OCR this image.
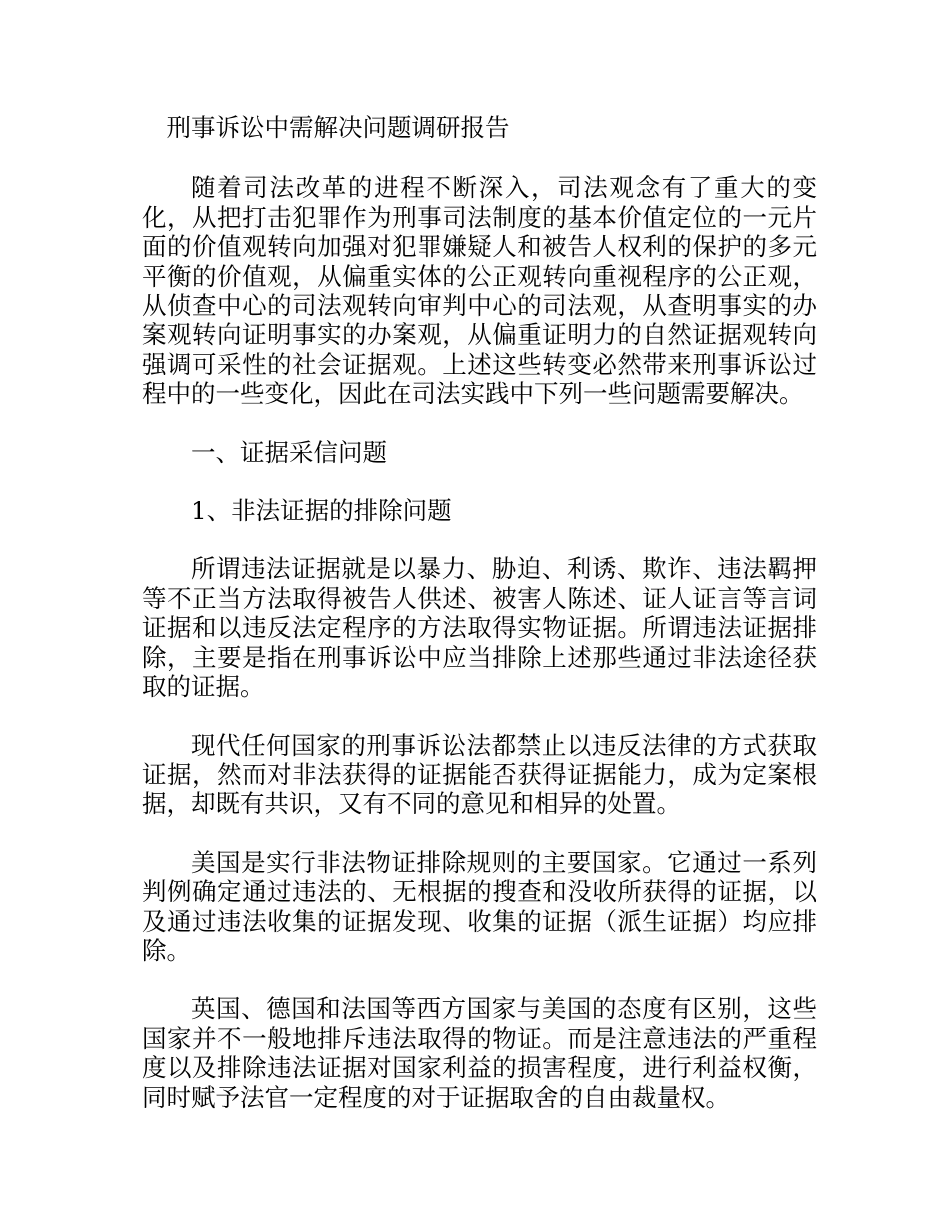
刑事诉讼中需解决问题调研报告

随着司法改革的进程不断深入，司法观念有了重大的变化，从把打击犯罪作为刑事司法制度的基本价值定位的一元片面的价值观转向加强对犯罪嫌疑人和被告人权利的保护的多元平衡的价值观，从偏重实体的公正观转向重视程序的公正观，从侦查中心的司法观转向审判中心的司法观，从查明事实的办案观转向证明事实的办案观，从偏重证明力的自然证据观转向强调可采性的社会证据观。上述这些转变必然带来刑事诉讼过程中的一些变化，因此在司法实践中下列一些问题需要解决。

一、证据采信问题

1、非法证据的排除问题

所谓违法证据就是以暴力、胁迫、利诱、欺诈、违法羁押等不正当方法取得被告人供述、被害人陈述、证人证言等言词证据和以违反法定程序的方法取得实物证据。所谓违法证据排除，主要是指在刑事诉讼中应当排除上述那些通过非法途径获取的证据。

现代任何国家的刑事诉讼法都禁止以违反法律的方式获取证据，然而对非法获得的证据能否获得证据能力，成为定案根据，却既有共识，又有不同的意见和相异的处置。

美国是实行非法物证排除规则的主要国家。它通过一系列判例确定通过违法的、无根据的搜查和没收所获得的证据，以及通过违法收集的证据发现、收集的证据（派生证据）均应排除。

英国、德国和法国等西方国家与美国的态度有区别，这些国家并不一般地排斥违法取得的物证。而是注意违法的严重程度以及排除违法证据对国家利益的损害程度，进行利益权衡，同时赋予法官一定程度的对于证据取舍的自由裁量权。
